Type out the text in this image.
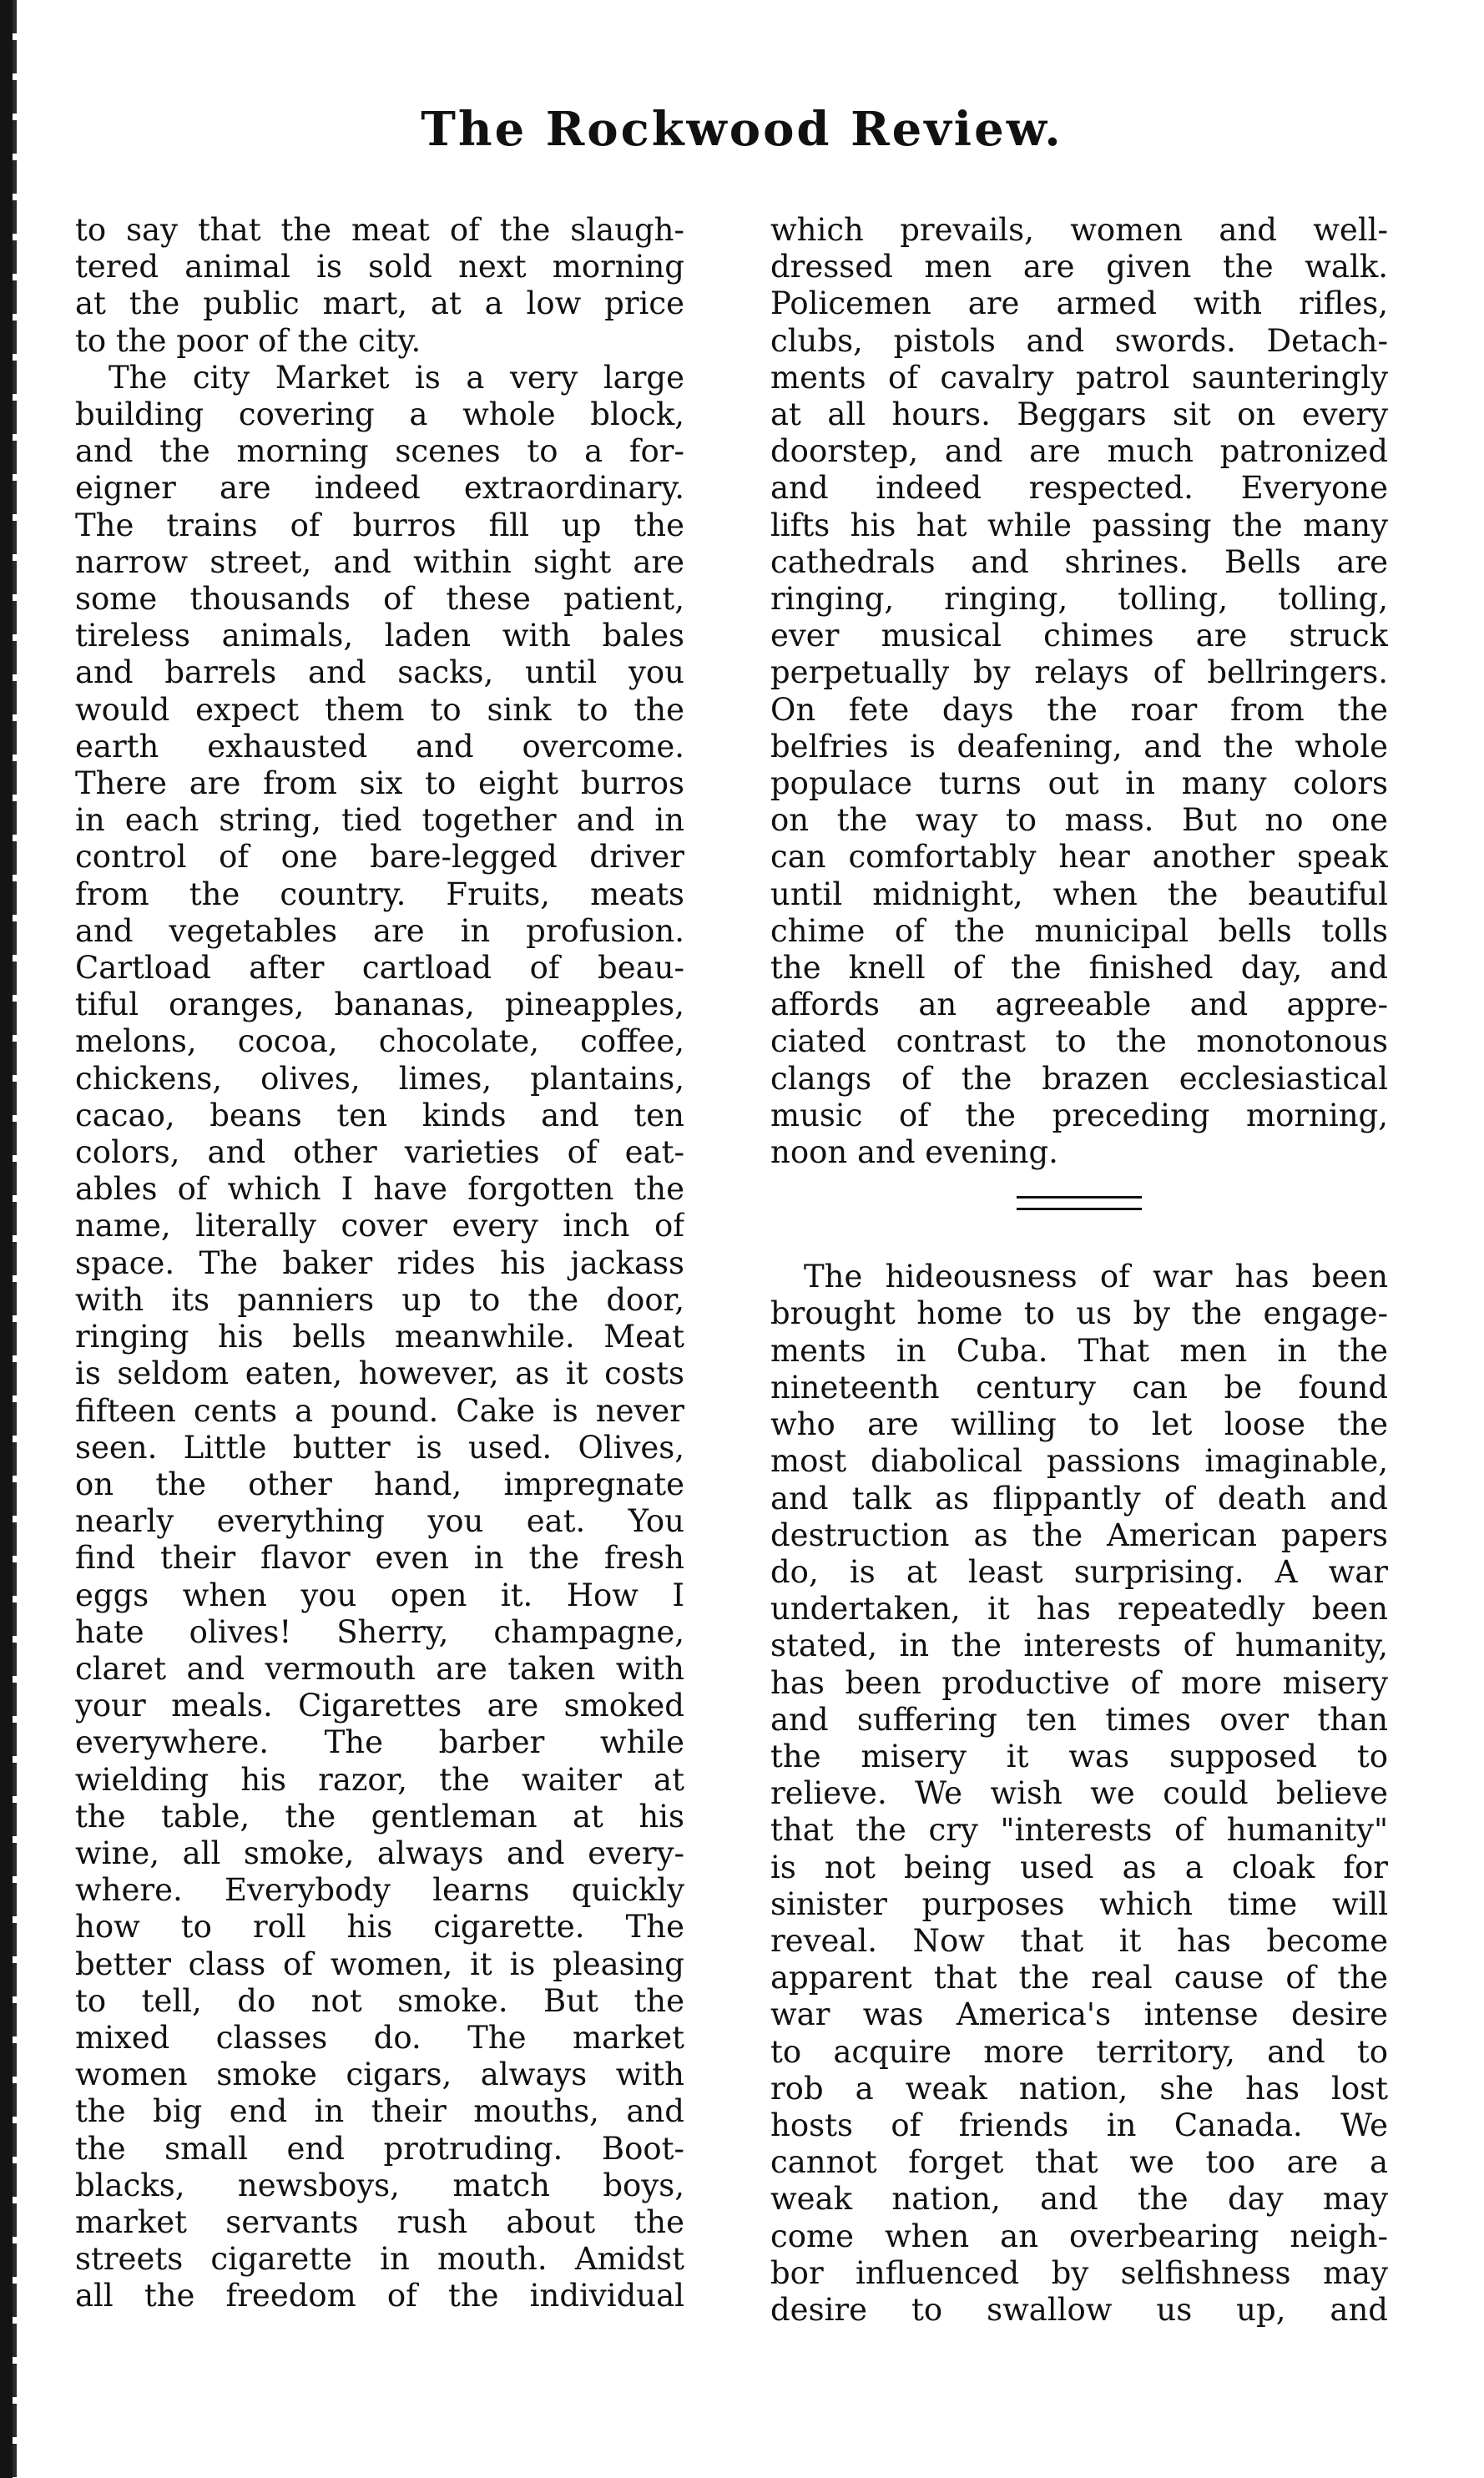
The Rockwood Review.
to say that the meat of the slaugh-
tered animal is sold next morning
at the public mart, at a low price
to the poor of the city.
The city Market is a very large
building covering a whole block,
and the morning scenes to a for-
eigner are indeed extraordinary.
The trains of burros fill up the
narrow street, and within sight are
some thousands of these patient,
tireless animals, laden with bales
and barrels and sacks, until you
would expect them to sink to the
earth exhausted and overcome.
There are from six to eight burros
in each string, tied together and in
control of one bare-legged driver
from the country. Fruits, meats
and vegetables are in profusion.
Cartload after cartload of beau-
tiful oranges, bananas, pineapples,
melons, cocoa, chocolate, coffee,
chickens, olives, limes, plantains,
cacao, beans ten kinds and ten
colors, and other varieties of eat-
ables of which I have forgotten the
name, literally cover every inch of
space. The baker rides his jackass
with its panniers up to the door,
ringing his bells meanwhile. Meat
is seldom eaten, however, as it costs
fifteen cents a pound. Cake is never
seen. Little butter is used. Olives,
on the other hand, impregnate
nearly everything you eat. You
find their flavor even in the fresh
eggs when you open it. How I
hate olives! Sherry, champagne,
claret and vermouth are taken with
your meals. Cigarettes are smoked
everywhere. The barber while
wielding his razor, the waiter at
the table, the gentleman at his
wine, all smoke, always and every-
where. Everybody learns quickly
how to roll his cigarette. The
better class of women, it is pleasing
to tell, do not smoke. But the
mixed classes do. The market
women smoke cigars, always with
the big end in their mouths, and
the small end protruding. Boot-
blacks, newsboys, match boys,
market servants rush about the
streets cigarette in mouth. Amidst
all the freedom of the individual
which prevails, women and well-
dressed men are given the walk.
Policemen are armed with rifles,
clubs, pistols and swords. Detach-
ments of cavalry patrol saunteringly
at all hours. Beggars sit on every
doorstep, and are much patronized
and indeed respected. Everyone
lifts his hat while passing the many
cathedrals and shrines. Bells are
ringing, ringing, tolling, tolling,
ever musical chimes are struck
perpetually by relays of bellringers.
On fete days the roar from the
belfries is deafening, and the whole
populace turns out in many colors
on the way to mass. But no one
can comfortably hear another speak
until midnight, when the beautiful
chime of the municipal bells tolls
the knell of the finished day, and
affords an agreeable and appre-
ciated contrast to the monotonous
clangs of the brazen ecclesiastical
music of the preceding morning,
noon and evening.
The hideousness of war has been
brought home to us by the engage-
ments in Cuba. That men in the
nineteenth century can be found
who are willing to let loose the
most diabolical passions imaginable,
and talk as flippantly of death and
destruction as the American papers
do, is at least surprising. A war
undertaken, it has repeatedly been
stated, in the interests of humanity,
has been productive of more misery
and suffering ten times over than
the misery it was supposed to
relieve. We wish we could believe
that the cry "interests of humanity"
is not being used as a cloak for
sinister purposes which time will
reveal. Now that it has become
apparent that the real cause of the
war was America's intense desire
to acquire more territory, and to
rob a weak nation, she has lost
hosts of friends in Canada. We
cannot forget that we too are a
weak nation, and the day may
come when an overbearing neigh-
bor influenced by selfishness may
desire to swallow us up, and
